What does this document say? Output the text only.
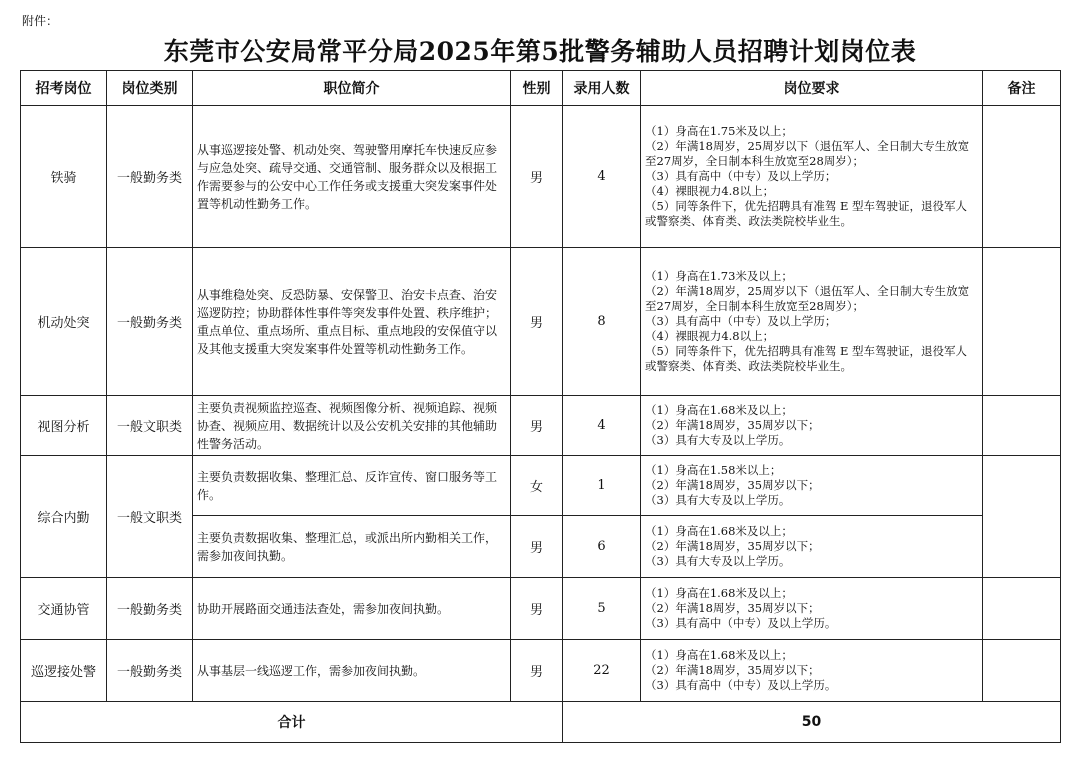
附件：
东莞市公安局常平分局2025年第5批警务辅助人员招聘计划岗位表
招考岗位	岗位类别	职位简介	性别	录用人数	岗位要求	备注
铁骑	一般勤务类	从事巡逻接处警、机动处突、驾驶警用摩托车快速反应参与应急处突、疏导交通、交通管制、服务群众以及根据工作需要参与的公安中心工作任务或支援重大突发案事件处置等机动性勤务工作。	男	4	（1）身高在1.75米及以上；
（2）年满18周岁，25周岁以下（退伍军人、全日制大专生放宽至27周岁，全日制本科生放宽至28周岁）；
（3）具有高中（中专）及以上学历；
（4）裸眼视力4.8以上；
（5）同等条件下，优先招聘具有准驾 E 型车驾驶证，退役军人或警察类、体育类、政法类院校毕业生。	

机动处突	一般勤务类	从事维稳处突、反恐防暴、安保警卫、治安卡点查、治安巡逻防控；协助群体性事件等突发事件处置、秩序维护；重点单位、重点场所、重点目标、重点地段的安保值守以及其他支援重大突发案事件处置等机动性勤务工作。	男	8	（1）身高在1.73米及以上；
（2）年满18周岁，25周岁以下（退伍军人、全日制大专生放宽至27周岁，全日制本科生放宽至28周岁）；
（3）具有高中（中专）及以上学历；
（4）裸眼视力4.8以上；
（5）同等条件下，优先招聘具有准驾 E 型车驾驶证，退役军人或警察类、体育类、政法类院校毕业生。	

视图分析	一般文职类	主要负责视频监控巡查、视频图像分析、视频追踪、视频协查、视频应用、数据统计以及公安机关安排的其他辅助性警务活动。	男	4	（1）身高在1.68米及以上；
（2）年满18周岁，35周岁以下；
（3）具有大专及以上学历。	

综合内勤	一般文职类	主要负责数据收集、整理汇总、反诈宣传、窗口服务等工作。	女	1	（1）身高在1.58米以上；
（2）年满18周岁，35周岁以下；
（3）具有大专及以上学历。	

		主要负责数据收集、整理汇总，或派出所内勤相关工作，需参加夜间执勤。	男	6	（1）身高在1.68米及以上；
（2）年满18周岁，35周岁以下；
（3）具有大专及以上学历。	

交通协管	一般勤务类	协助开展路面交通违法查处，需参加夜间执勤。	男	5	（1）身高在1.68米及以上；
（2）年满18周岁，35周岁以下；
（3）具有高中（中专）及以上学历。	

巡逻接处警	一般勤务类	从事基层一线巡逻工作，需参加夜间执勤。	男	22	（1）身高在1.68米及以上；
（2）年满18周岁，35周岁以下；
（3）具有高中（中专）及以上学历。	

合计				50		
